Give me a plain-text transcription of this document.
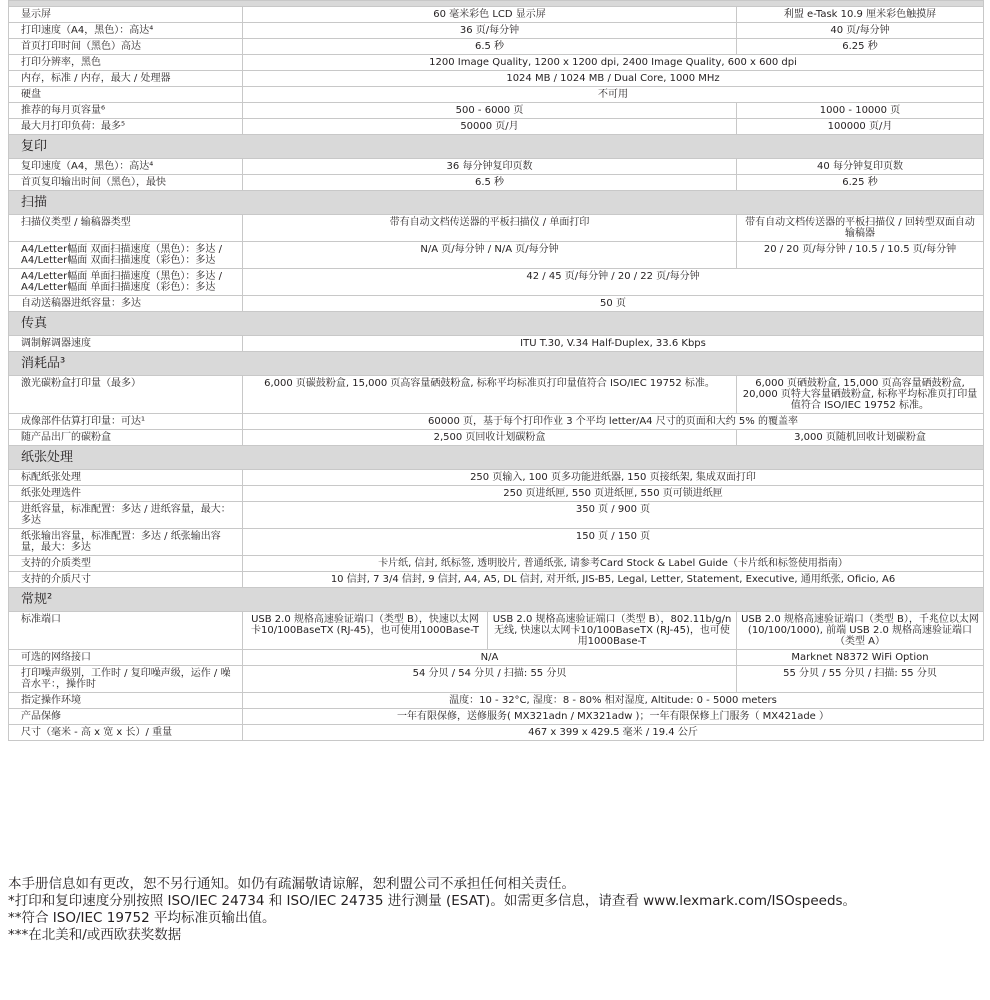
显示屏	60 毫米彩色 LCD 显示屏		利盟 e-Task 10.9 厘米彩色触摸屏
打印速度（A4，黑色）：高达⁴	36 页/每分钟		40 页/每分钟
首页打印时间（黑色）高达	6.5 秒		6.25 秒
打印分辨率，黑色	1200 Image Quality, 1200 x 1200 dpi, 2400 Image Quality, 600 x 600 dpi		
内存，标准 / 内存，最大 / 处理器	1024 MB / 1024 MB / Dual Core, 1000 MHz		
硬盘	不可用		
推荐的每月页容量⁶	500 - 6000 页		1000 - 10000 页
最大月打印负荷：最多⁵	50000 页/月		100000 页/月
复印			
复印速度（A4，黑色）：高达⁴	36 每分钟复印页数		40 每分钟复印页数
首页复印输出时间（黑色），最快	6.5 秒		6.25 秒
扫描			
扫描仪类型 / 输稿器类型	带有自动文档传送器的平板扫描仪 / 单面打印		带有自动文档传送器的平板扫描仪 / 回转型双面自动输稿器
A4/Letter幅面 双面扫描速度（黑色）：多达 / A4/Letter幅面 双面扫描速度（彩色）：多达	N/A 页/每分钟 / N/A 页/每分钟		20 / 20 页/每分钟 / 10.5 / 10.5 页/每分钟
A4/Letter幅面 单面扫描速度（黑色）：多达 / A4/Letter幅面 单面扫描速度（彩色）：多达	42 / 45 页/每分钟 / 20 / 22 页/每分钟		
自动送稿器进纸容量：多达	50 页		
传真			
调制解调器速度	ITU T.30, V.34 Half-Duplex, 33.6 Kbps		
消耗品³			
激光碳粉盒打印量（最多）	6,000 页碳鼓粉盒, 15,000 页高容量硒鼓粉盒, 标称平均标准页打印量值符合 ISO/IEC 19752 标准。		6,000 页硒鼓粉盒, 15,000 页高容量硒鼓粉盒, 20,000 页特大容量硒鼓粉盒, 标称平均标准页打印量值符合 ISO/IEC 19752 标准。
成像部件估算打印量：可达¹	60000 页，基于每个打印作业 3 个平均 letter/A4 尺寸的页面和大约 5% 的覆盖率		
随产品出厂的碳粉盒	2,500 页回收计划碳粉盒		3,000 页随机回收计划碳粉盒
纸张处理			
标配纸张处理	250 页输入, 100 页多功能进纸器, 150 页接纸架, 集成双面打印		
纸张处理选件	250 页进纸匣, 550 页进纸匣, 550 页可锁进纸匣		
进纸容量，标准配置：多达 / 进纸容量，最大：多达	350 页 / 900 页		
纸张输出容量，标准配置：多达 / 纸张输出容量，最大：多达	150 页 / 150 页		
支持的介质类型	卡片纸, 信封, 纸标签, 透明胶片, 普通纸张, 请参考Card Stock & Label Guide（卡片纸和标签使用指南）		
支持的介质尺寸	10 信封, 7 3/4 信封, 9 信封, A4, A5, DL 信封, 对开纸, JIS-B5, Legal, Letter, Statement, Executive, 通用纸张, Oficio, A6		
常规²			
标准端口	USB 2.0 规格高速验证端口（类型 B），快速以太网卡10/100BaseTX (RJ-45)，也可使用1000Base-T	USB 2.0 规格高速验证端口（类型 B），802.11b/g/n 无线, 快速以太网卡10/100BaseTX (RJ-45)，也可使用1000Base-T	USB 2.0 规格高速验证端口（类型 B），千兆位以太网 (10/100/1000), 前端 USB 2.0 规格高速验证端口（类型 A）
可选的网络接口	N/A		Marknet N8372 WiFi Option
打印噪声级别，工作时 / 复印噪声级，运作 / 噪音水平：，操作时	54 分贝 / 54 分贝 / 扫描: 55 分贝		55 分贝 / 55 分贝 / 扫描: 55 分贝
指定操作环境	温度：10 - 32°C, 湿度：8 - 80% 相对湿度, Altitude: 0 - 5000 meters		
产品保修	一年有限保修，送修服务( MX321adn / MX321adw )；一年有限保修上门服务（ MX421ade ）		
尺寸（毫米 - 高 x 宽 x 长）/ 重量	467 x 399 x 429.5 毫米 / 19.4 公斤		
本手册信息如有更改，恕不另行通知。如仍有疏漏敬请谅解，恕利盟公司不承担任何相关责任。
*打印和复印速度分别按照 ISO/IEC 24734 和 ISO/IEC 24735 进行测量 (ESAT)。如需更多信息，请查看 www.lexmark.com/ISOspeeds。
**符合 ISO/IEC 19752 平均标准页输出值。
***在北美和/或西欧获奖数据
